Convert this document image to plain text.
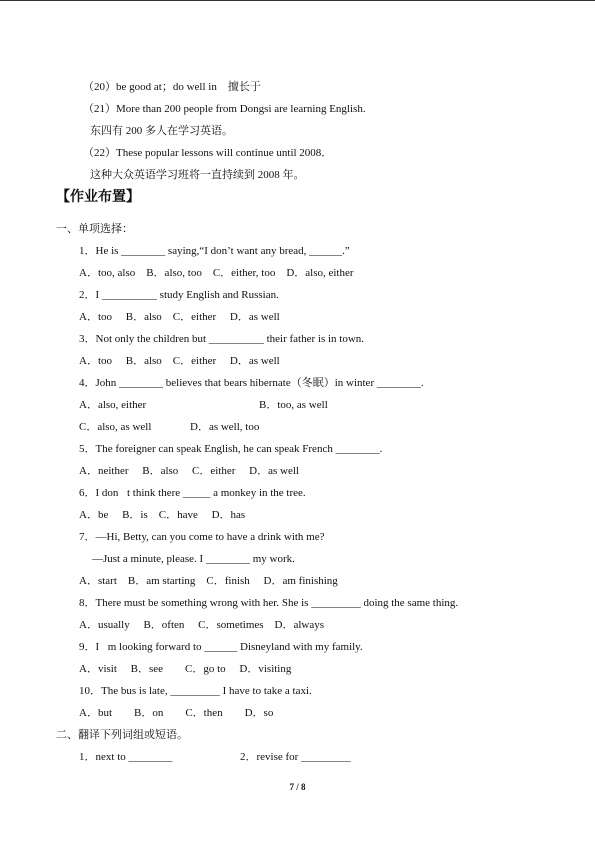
（20）be good at；do well in　擅长于
（21）More than 200 people from Dongsi are learning English.
东四有 200 多人在学习英语。
（22）These popular lessons will continue until 2008．
这种大众英语学习班将一直持续到 2008 年。
【作业布置】
一、单项选择：
1．He is ________ saying,“I don’t want any bread, ______.”
A．too, also　B．also, too　C．either, too　D．also, either
2．I __________ study English and Russian.
A．too　 B．also　C．either　 D．as well
3．Not only the children but __________ their father is in town.
A．too　 B．also　C．either　 D．as well
4．John ________ believes that bears hibernate（冬眠）in winter ________.
A．also, either	B．too, as well
C．also, as well	D．as well, too
5．The foreigner can speak English, he can speak French ________.
A．neither　 B．also　 C．either　 D．as well
6．I don t think there _____ a monkey in the tree.
A．be　 B．is　C．have　 D．has
7．—Hi, Betty, can you come to have a drink with me?
—Just a minute, please. I ________ my work.
A．start　B．am starting　C．finish　 D．am finishing
8．There must be something wrong with her. She is _________ doing the same thing.
A．usually　 B．often　 C．sometimes　D．always
9．I m looking forward to ______ Disneyland with my family.
A．visit　 B．see　　C．go to　 D．visiting
10．The bus is late, _________ I have to take a taxi.
A．but　　B．on　　C．then　　D．so
二、翻译下列词组或短语。
1．next to ________	2．revise for _________
7 / 8
